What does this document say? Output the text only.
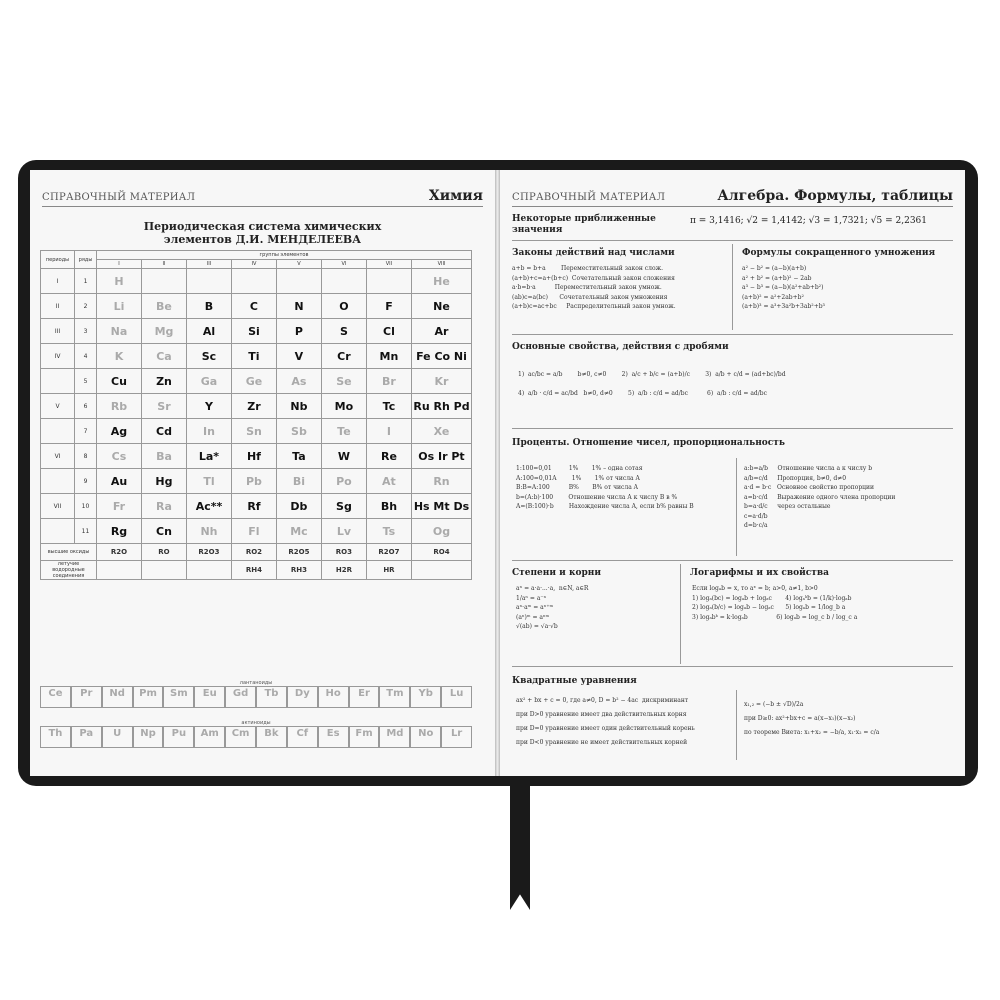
СПРАВОЧНЫЙ МАТЕРИАЛ	Химия
Периодическая система химических
элементов Д.И. МЕНДЕЛЕЕВА
периоды	ряды	группы элементов							
		I	II	III	IV	V	VI	VII	VIII
I	1	H							He
II	2	Li	Be	B	C	N	O	F	Ne
III	3	Na	Mg	Al	Si	P	S	Cl	Ar
IV	4	K	Ca	Sc	Ti	V	Cr	Mn	Fe Co Ni
	5	Cu	Zn	Ga	Ge	As	Se	Br	Kr
V	6	Rb	Sr	Y	Zr	Nb	Mo	Tc	Ru Rh Pd
	7	Ag	Cd	In	Sn	Sb	Te	I	Xe
VI	8	Cs	Ba	La*	Hf	Ta	W	Re	Os Ir Pt
	9	Au	Hg	Tl	Pb	Bi	Po	At	Rn
VII	10	Fr	Ra	Ac**	Rf	Db	Sg	Bh	Hs Mt Ds
	11	Rg	Cn	Nh	Fl	Mc	Lv	Ts	Og
высшие оксиды		R2O	RO	R2O3	RO2	R2O5	RO3	R2O7	RO4
летучие водородные соединения					RH4	RH3	H2R	HR	
лантаноиды
Ce	Pr	Nd	Pm	Sm	Eu	Gd	Tb	Dy	Ho	Er	Tm	Yb	Lu
актиноиды
Th	Pa	U	Np	Pu	Am	Cm	Bk	Cf	Es	Fm	Md	No	Lr
СПРАВОЧНЫЙ МАТЕРИАЛ	Алгебра. Формулы, таблицы
Некоторые приближенные значения
π = 3,1416; √2 = 1,4142; √3 = 1,7321; √5 = 2,2361
Законы действий над числами
a+b = b+a        Переместительный закон слож.
(a+b)+c=a+(b+c)  Сочетательный закон сложения
a·b=b·a          Переместительный закон умнож.
(ab)c=a(bc)      Сочетательный закон умножения
(a+b)c=ac+bc     Распределительный закон умнож.
Формулы сокращенного умножения
a² − b² = (a−b)(a+b)
a² + b² = (a+b)² − 2ab
a³ − b³ = (a−b)(a²+ab+b²)
(a+b)² = a²+2ab+b²
(a+b)³ = a³+3a²b+3ab²+b³
Основные свойства, действия с дробями
1)  ac/bc = a/b        b≠0, c≠0        2)  a/c + b/c = (a+b)/c        3)  a/b + c/d = (ad+bc)/bd

4)  a/b · c/d = ac/bd   b≠0, d≠0        5)  a/b : c/d = ad/bc          6)  a/b : c/d = ad/bc
Проценты. Отношение чисел, пропорциональность
1:100=0,01         1%       1% – одна сотая
A:100=0,01A        1%       1% от числа A
B:B=A:100          B%       B% от числа A
b=(A:b)·100        Отношение числа A к числу B в %
A=(B:100)·b        Нахождение числа A, если b% равны B
a:b=a/b     Отношение числа a к числу b
a/b=c/d     Пропорция, b≠0, d≠0
a·d = b·c   Основное свойство пропорции
a=b·c/d     Выражение одного члена пропорции
b=a·d/c     через остальные
c=a·d/b
d=b·c/a
Степени и корни
aⁿ = a·a·...·a,  n∈N, a∈R
1/aⁿ = a⁻ⁿ
aⁿ·aᵐ = aⁿ⁺ᵐ
(aⁿ)ᵐ = aⁿᵐ
√(ab) = √a·√b
Логарифмы и их свойства
Если logₐb = x, то aˣ = b; a>0, a≠1, b>0
1) logₐ(bc) = logₐb + logₐc       4) logₐᵏb = (1/k)·logₐb
2) logₐ(b/c) = logₐb − logₐc      5) logₐb = 1/log_b a
3) logₐbᵏ = k·logₐb               6) logₐb = log_c b / log_c a
Квадратные уравнения
ax² + bx + c = 0, где a≠0, D = b² − 4ac  дискриминант
при D>0 уравнение имеет два действительных корня
при D=0 уравнение имеет один действительный корень
при D<0 уравнение не имеет действительных корней
x₁,₂ = (−b ± √D)/2a
при D≥0: ax²+bx+c = a(x−x₁)(x−x₂)
по теореме Виета: x₁+x₂ = −b/a, x₁·x₂ = c/a
